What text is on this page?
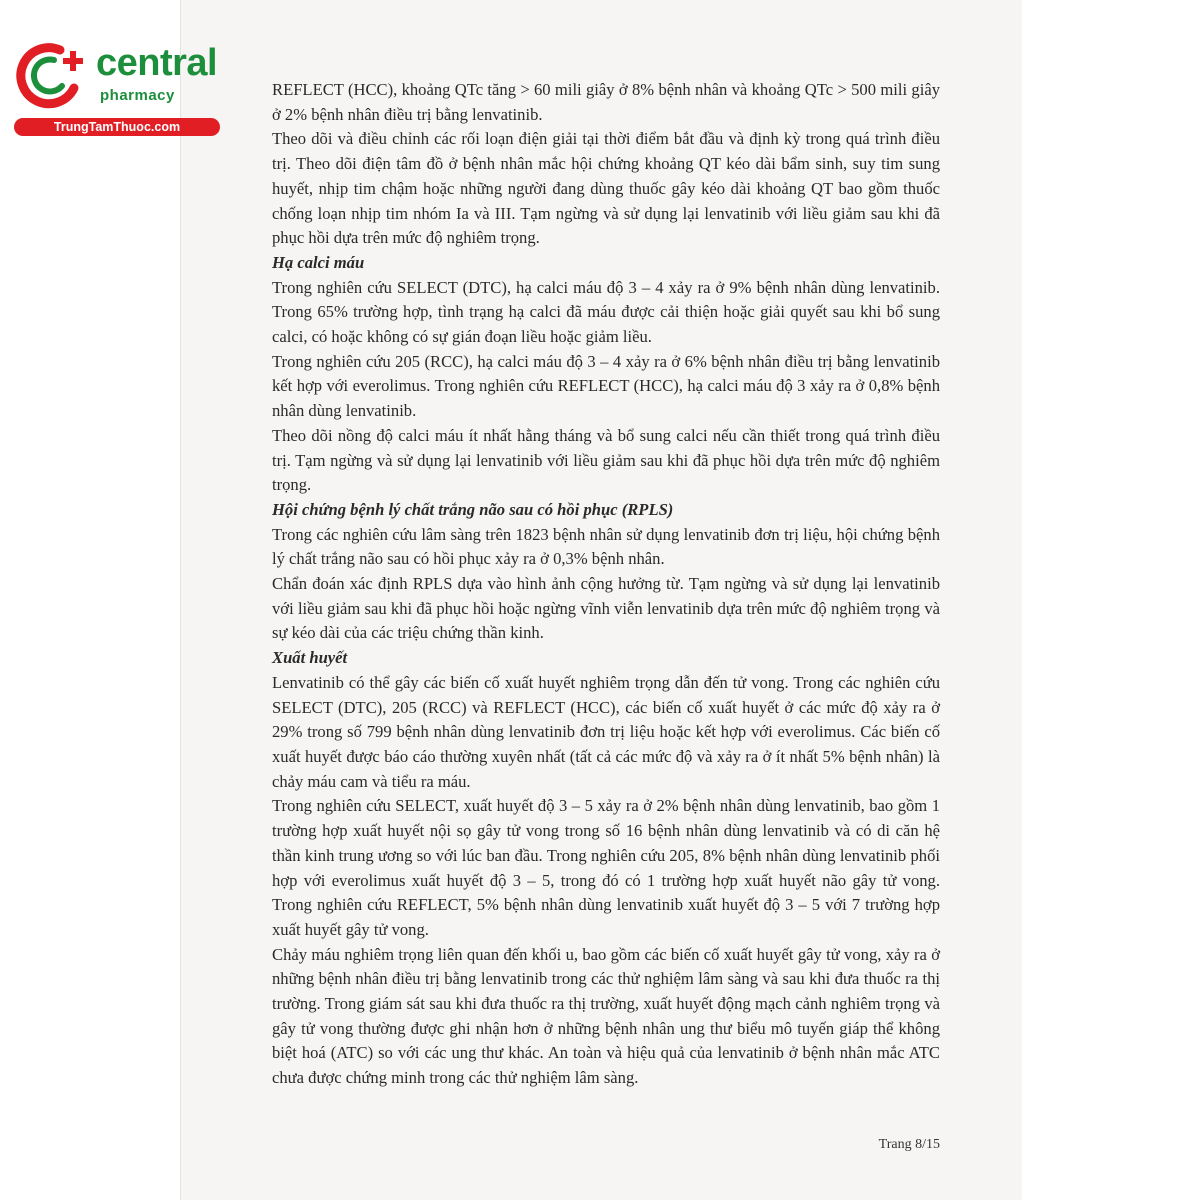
central
pharmacy
TrungTamThuoc.com

REFLECT (HCC), khoảng QTc tăng > 60 mili giây ở 8% bệnh nhân và khoảng QTc > 500 mili giây ở 2% bệnh nhân điều trị bằng lenvatinib.

Theo dõi và điều chỉnh các rối loạn điện giải tại thời điểm bắt đầu và định kỳ trong quá trình điều trị. Theo dõi điện tâm đồ ở bệnh nhân mắc hội chứng khoảng QT kéo dài bẩm sinh, suy tim sung huyết, nhịp tim chậm hoặc những người đang dùng thuốc gây kéo dài khoảng QT bao gồm thuốc chống loạn nhịp tim nhóm Ia và III. Tạm ngừng và sử dụng lại lenvatinib với liều giảm sau khi đã phục hồi dựa trên mức độ nghiêm trọng.

Hạ calci máu

Trong nghiên cứu SELECT (DTC), hạ calci máu độ 3 – 4 xảy ra ở 9% bệnh nhân dùng lenvatinib. Trong 65% trường hợp, tình trạng hạ calci đã máu được cải thiện hoặc giải quyết sau khi bổ sung calci, có hoặc không có sự gián đoạn liều hoặc giảm liều.

Trong nghiên cứu 205 (RCC), hạ calci máu độ 3 – 4 xảy ra ở 6% bệnh nhân điều trị bằng lenvatinib kết hợp với everolimus. Trong nghiên cứu REFLECT (HCC), hạ calci máu độ 3 xảy ra ở 0,8% bệnh nhân dùng lenvatinib.

Theo dõi nồng độ calci máu ít nhất hằng tháng và bổ sung calci nếu cần thiết trong quá trình điều trị. Tạm ngừng và sử dụng lại lenvatinib với liều giảm sau khi đã phục hồi dựa trên mức độ nghiêm trọng.

Hội chứng bệnh lý chất trắng não sau có hồi phục (RPLS)

Trong các nghiên cứu lâm sàng trên 1823 bệnh nhân sử dụng lenvatinib đơn trị liệu, hội chứng bệnh lý chất trắng não sau có hồi phục xảy ra ở 0,3% bệnh nhân.

Chẩn đoán xác định RPLS dựa vào hình ảnh cộng hưởng từ. Tạm ngừng và sử dụng lại lenvatinib với liều giảm sau khi đã phục hồi hoặc ngừng vĩnh viễn lenvatinib dựa trên mức độ nghiêm trọng và sự kéo dài của các triệu chứng thần kinh.

Xuất huyết

Lenvatinib có thể gây các biến cố xuất huyết nghiêm trọng dẫn đến tử vong. Trong các nghiên cứu SELECT (DTC), 205 (RCC) và REFLECT (HCC), các biến cố xuất huyết ở các mức độ xảy ra ở 29% trong số 799 bệnh nhân dùng lenvatinib đơn trị liệu hoặc kết hợp với everolimus. Các biến cố xuất huyết được báo cáo thường xuyên nhất (tất cả các mức độ và xảy ra ở ít nhất 5% bệnh nhân) là chảy máu cam và tiểu ra máu.

Trong nghiên cứu SELECT, xuất huyết độ 3 – 5 xảy ra ở 2% bệnh nhân dùng lenvatinib, bao gồm 1 trường hợp xuất huyết nội sọ gây tử vong trong số 16 bệnh nhân dùng lenvatinib và có di căn hệ thần kinh trung ương so với lúc ban đầu. Trong nghiên cứu 205, 8% bệnh nhân dùng lenvatinib phối hợp với everolimus xuất huyết độ 3 – 5, trong đó có 1 trường hợp xuất huyết não gây tử vong. Trong nghiên cứu REFLECT, 5% bệnh nhân dùng lenvatinib xuất huyết độ 3 – 5 với 7 trường hợp xuất huyết gây tử vong.

Chảy máu nghiêm trọng liên quan đến khối u, bao gồm các biến cố xuất huyết gây tử vong, xảy ra ở những bệnh nhân điều trị bằng lenvatinib trong các thử nghiệm lâm sàng và sau khi đưa thuốc ra thị trường. Trong giám sát sau khi đưa thuốc ra thị trường, xuất huyết động mạch cảnh nghiêm trọng và gây tử vong thường được ghi nhận hơn ở những bệnh nhân ung thư biểu mô tuyến giáp thể không biệt hoá (ATC) so với các ung thư khác. An toàn và hiệu quả của lenvatinib ở bệnh nhân mắc ATC chưa được chứng minh trong các thử nghiệm lâm sàng.

Trang 8/15
